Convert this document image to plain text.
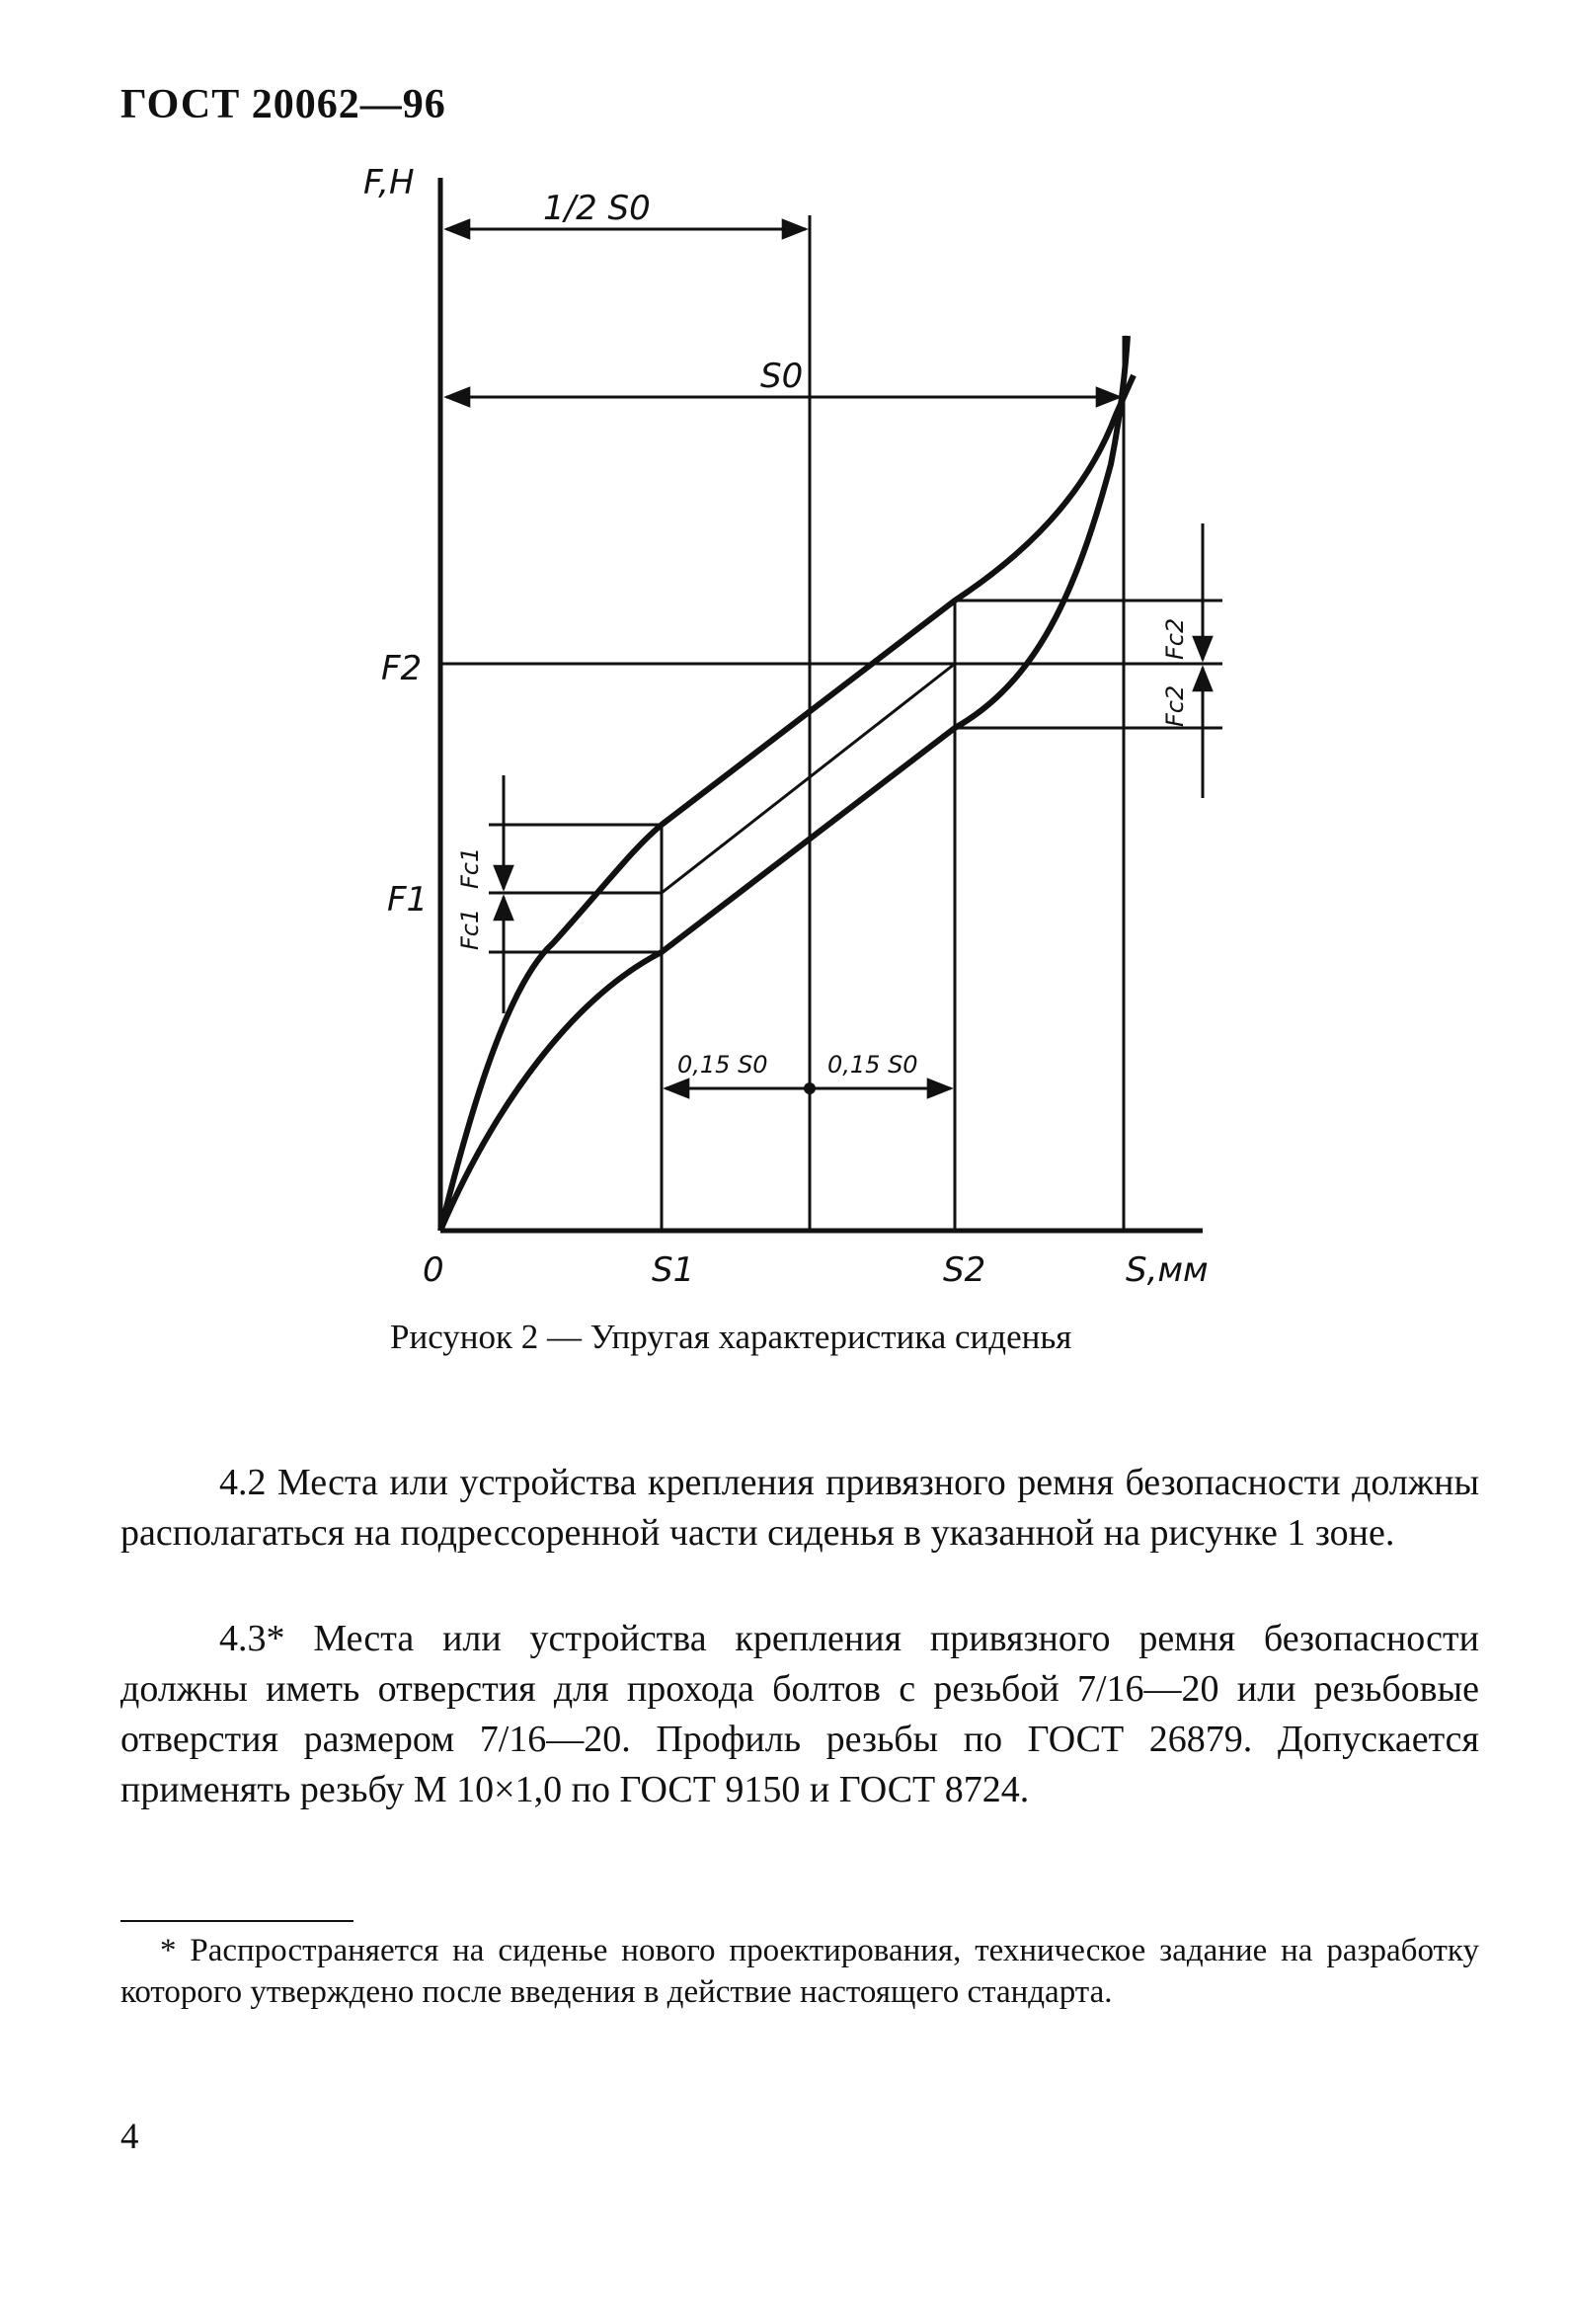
ГОСТ 20062—96
F,H
S,мм
0	S1	S2
F2
F1
1/2 S0
S0
0,15 S0	0,15 S0
Fc1
Fc1
Fc2
Fc2
Рисунок 2 — Упругая характеристика сиденья
4.2 Места или устройства крепления привязного ремня безопасности должны располагаться на подрессоренной части сиденья в указанной на рисунке 1 зоне.
4.3* Места или устройства крепления привязного ремня безопасности должны иметь отверстия для прохода болтов с резьбой 7/16—20 или резьбовые отверстия размером 7/16—20. Профиль резьбы по ГОСТ 26879. Допускается применять резьбу М 10×1,0 по ГОСТ 9150 и ГОСТ 8724.
* Распространяется на сиденье нового проектирования, техническое задание на разработку которого утверждено после введения в действие настоящего стандарта.
4
